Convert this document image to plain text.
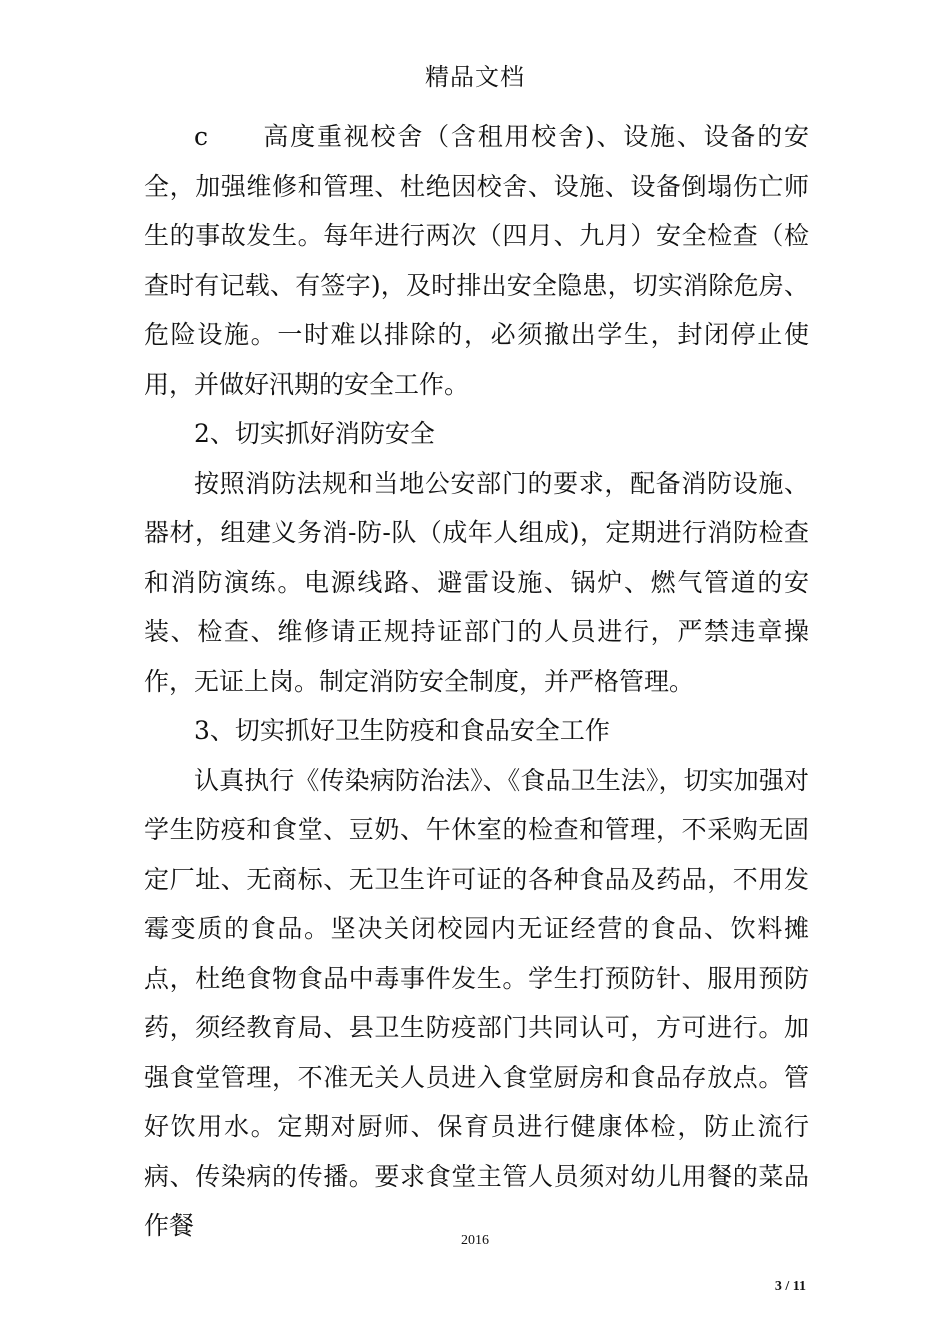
精品文档

c　　高度重视校舍（含租用校舍)、设施、设备的安全，加强维修和管理、杜绝因校舍、设施、设备倒塌伤亡师生的事故发生。每年进行两次（四月、九月）安全检查（检查时有记载、有签字)，及时排出安全隐患，切实消除危房、危险设施。一时难以排除的，必须撤出学生，封闭停止使用，并做好汛期的安全工作。

2、切实抓好消防安全

按照消防法规和当地公安部门的要求，配备消防设施、器材，组建义务消-防-队（成年人组成)，定期进行消防检查和消防演练。电源线路、避雷设施、锅炉、燃气管道的安装、检查、维修请正规持证部门的人员进行，严禁违章操作，无证上岗。制定消防安全制度，并严格管理。

3、切实抓好卫生防疫和食品安全工作

认真执行《传染病防治法》、《食品卫生法》，切实加强对学生防疫和食堂、豆奶、午休室的检查和管理，不采购无固定厂址、无商标、无卫生许可证的各种食品及药品，不用发霉变质的食品。坚决关闭校园内无证经营的食品、饮料摊点，杜绝食物食品中毒事件发生。学生打预防针、服用预防药，须经教育局、县卫生防疫部门共同认可，方可进行。加强食堂管理，不准无关人员进入食堂厨房和食品存放点。管好饮用水。定期对厨师、保育员进行健康体检，防止流行病、传染病的传播。要求食堂主管人员须对幼儿用餐的菜品作餐

2016
3 / 11
